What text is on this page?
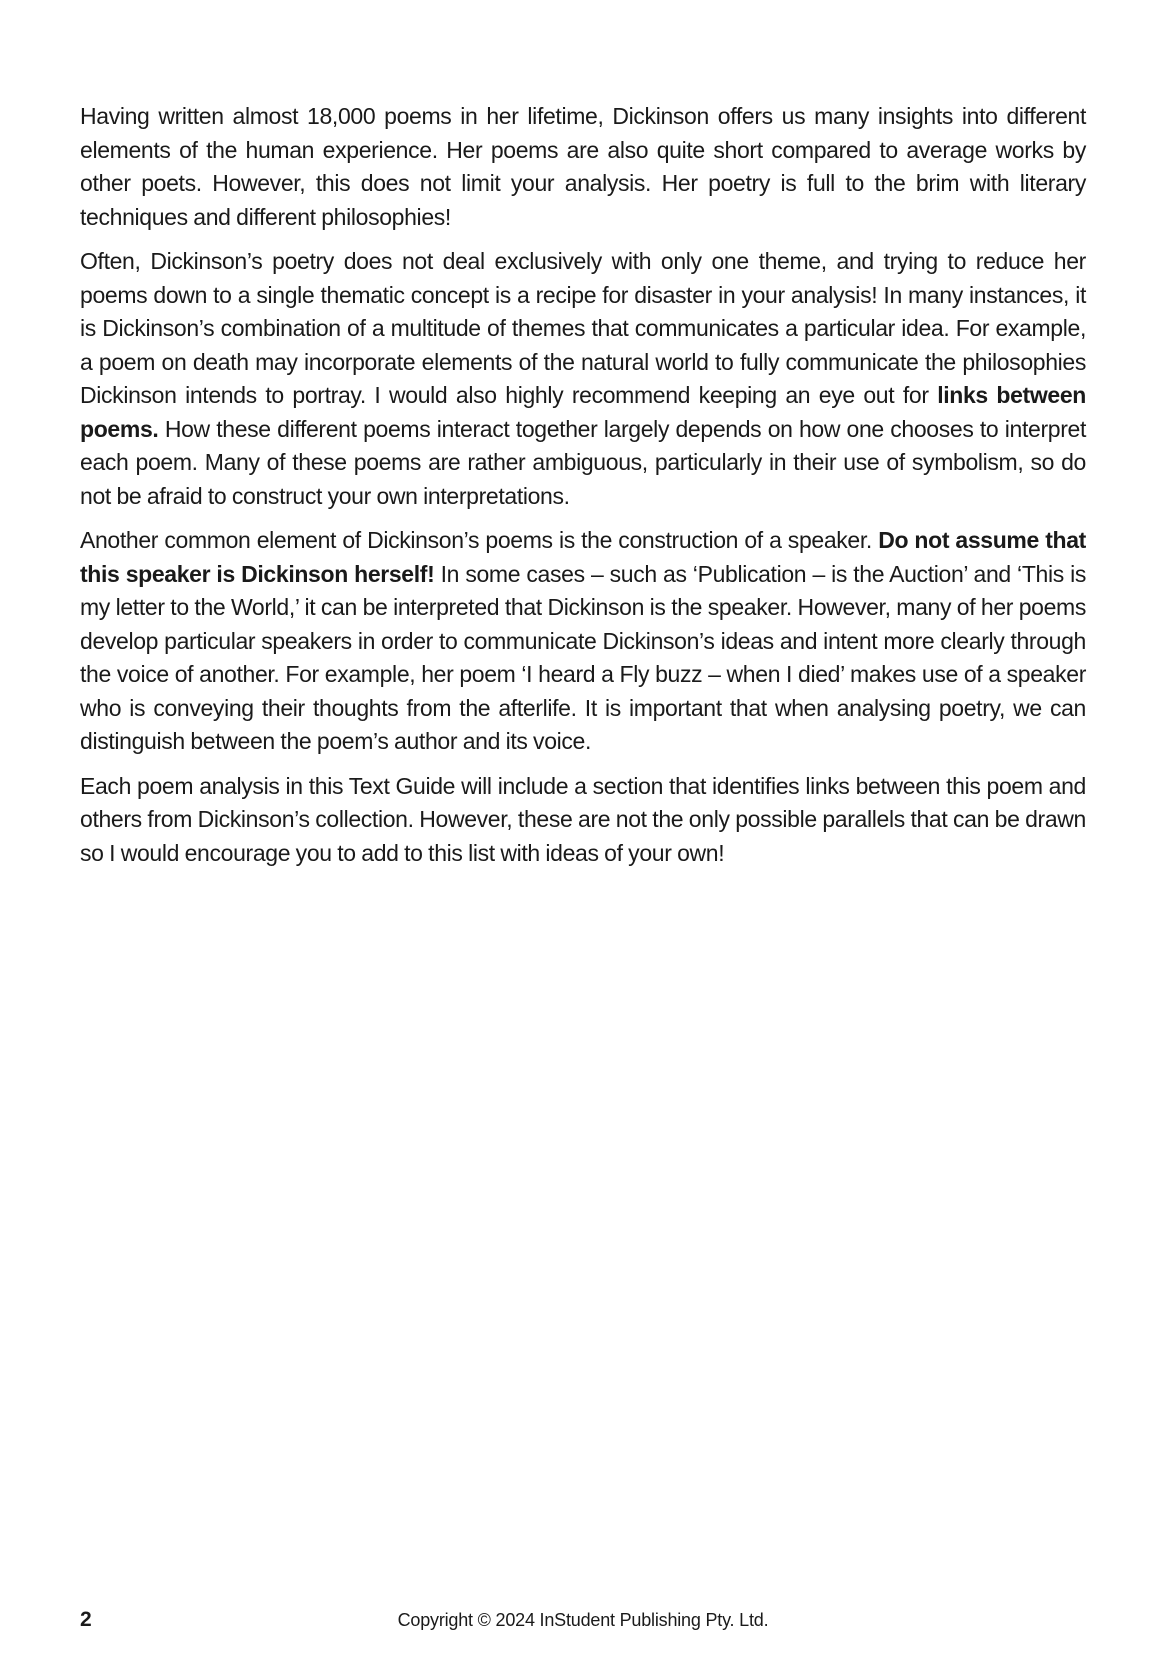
Having written almost 18,000 poems in her lifetime, Dickinson offers us many insights into different elements of the human experience. Her poems are also quite short compared to average works by other poets. However, this does not limit your analysis. Her poetry is full to the brim with literary techniques and different philosophies!

Often, Dickinson’s poetry does not deal exclusively with only one theme, and trying to reduce her poems down to a single thematic concept is a recipe for disaster in your analysis! In many instances, it is Dickinson’s combination of a multitude of themes that communicates a particular idea. For example, a poem on death may incorporate elements of the natural world to fully communicate the philosophies Dickinson intends to portray. I would also highly recommend keeping an eye out for links between poems. How these different poems interact together largely depends on how one chooses to interpret each poem. Many of these poems are rather ambiguous, particularly in their use of symbolism, so do not be afraid to construct your own interpretations.

Another common element of Dickinson’s poems is the construction of a speaker. Do not assume that this speaker is Dickinson herself! In some cases – such as ‘Publication – is the Auction’ and ‘This is my letter to the World,’ it can be interpreted that Dickinson is the speaker. However, many of her poems develop particular speakers in order to communicate Dickinson’s ideas and intent more clearly through the voice of another. For example, her poem ‘I heard a Fly buzz – when I died’ makes use of a speaker who is conveying their thoughts from the afterlife. It is important that when analysing poetry, we can distinguish between the poem’s author and its voice.

Each poem analysis in this Text Guide will include a section that identifies links between this poem and others from Dickinson’s collection. However, these are not the only possible parallels that can be drawn so I would encourage you to add to this list with ideas of your own!

2	Copyright © 2024 InStudent Publishing Pty. Ltd.
